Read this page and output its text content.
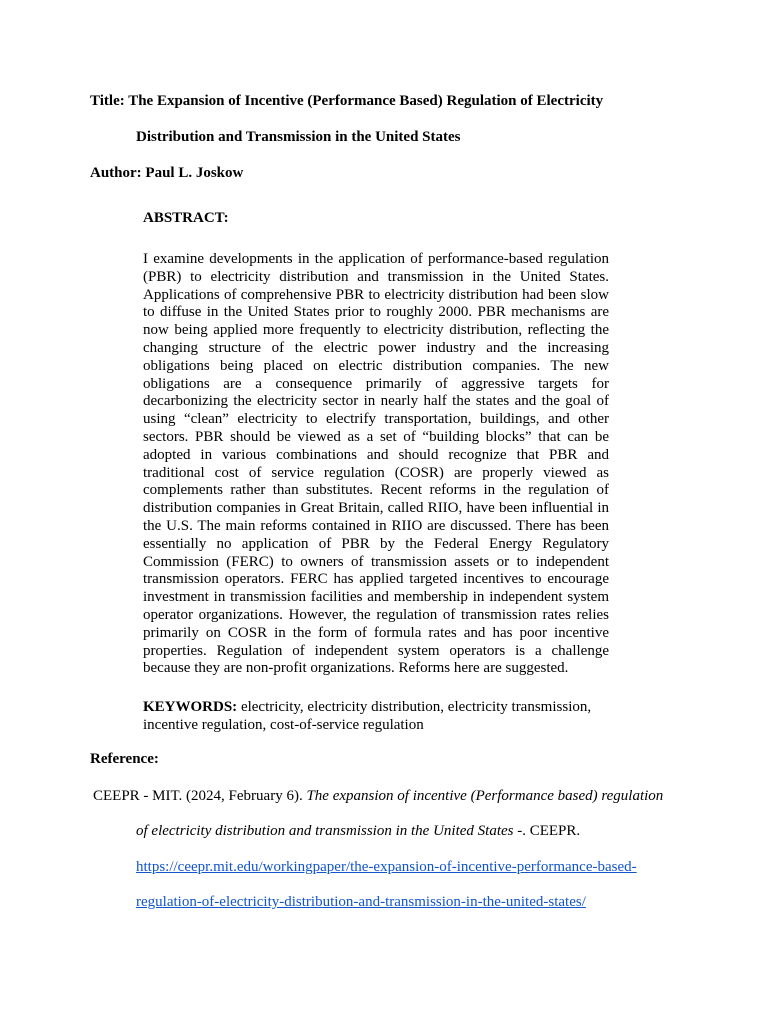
Title: The Expansion of Incentive (Performance Based) Regulation of Electricity
Distribution and Transmission in the United States
Author: Paul L. Joskow
ABSTRACT:
I examine developments in the application of performance-based regulation (PBR) to electricity distribution and transmission in the United States. Applications of comprehensive PBR to electricity distribution had been slow to diffuse in the United States prior to roughly 2000. PBR mechanisms are now being applied more frequently to electricity distribution, reflecting the changing structure of the electric power industry and the increasing obligations being placed on electric distribution companies. The new obligations are a consequence primarily of aggressive targets for decarbonizing the electricity sector in nearly half the states and the goal of using “clean” electricity to electrify transportation, buildings, and other sectors. PBR should be viewed as a set of “building blocks” that can be adopted in various combinations and should recognize that PBR and traditional cost of service regulation (COSR) are properly viewed as complements rather than substitutes. Recent reforms in the regulation of distribution companies in Great Britain, called RIIO, have been influential in the U.S. The main reforms contained in RIIO are discussed. There has been essentially no application of PBR by the Federal Energy Regulatory Commission (FERC) to owners of transmission assets or to independent transmission operators. FERC has applied targeted incentives to encourage investment in transmission facilities and membership in independent system operator organizations. However, the regulation of transmission rates relies primarily on COSR in the form of formula rates and has poor incentive properties. Regulation of independent system operators is a challenge because they are non-profit organizations. Reforms here are suggested.
KEYWORDS: electricity, electricity distribution, electricity transmission, incentive regulation, cost-of-service regulation
Reference:
CEEPR - MIT. (2024, February 6). The expansion of incentive (Performance based) regulation
of electricity distribution and transmission in the United States -. CEEPR.
https://ceepr.mit.edu/workingpaper/the-expansion-of-incentive-performance-based-
regulation-of-electricity-distribution-and-transmission-in-the-united-states/
